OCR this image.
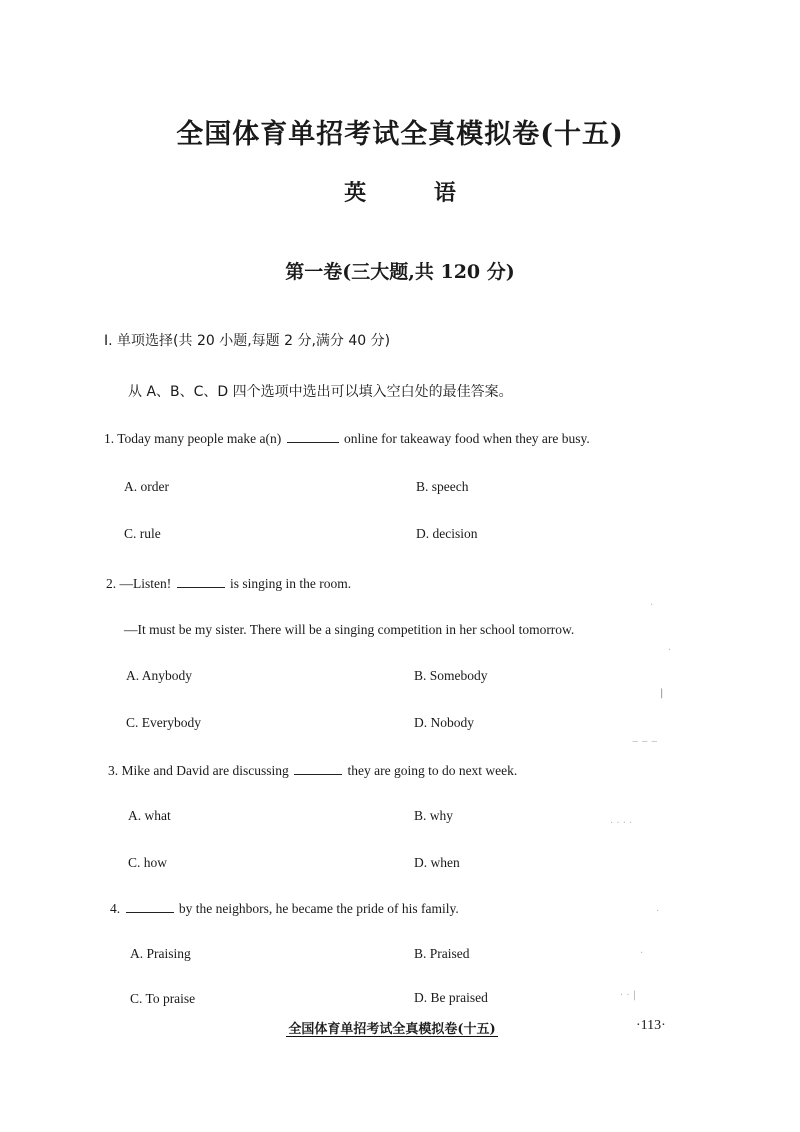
全国体育单招考试全真模拟卷(十五)
英 语
第一卷(三大题,共 120 分)
Ⅰ. 单项选择(共 20 小题,每题 2 分,满分 40 分)
从 A、B、C、D 四个选项中选出可以填入空白处的最佳答案。
1. Today many people make a(n)	online for takeaway food when they are busy.
A. order	B. speech
C. rule	D. decision
2. —Listen!	is singing in the room.
—It must be my sister. There will be a singing competition in her school tomorrow.
A. Anybody	B. Somebody
C. Everybody	D. Nobody
3. Mike and David are discussing	they are going to do next week.
A. what	B. why
C. how	D. when
4.	by the neighbors, he became the pride of his family.
A. Praising	B. Praised
C. To praise	D. Be praised
·
·
|
‒ ‒ ‒
· · · ·
·
·
· · |
全国体育单招考试全真模拟卷(十五)	·113·
